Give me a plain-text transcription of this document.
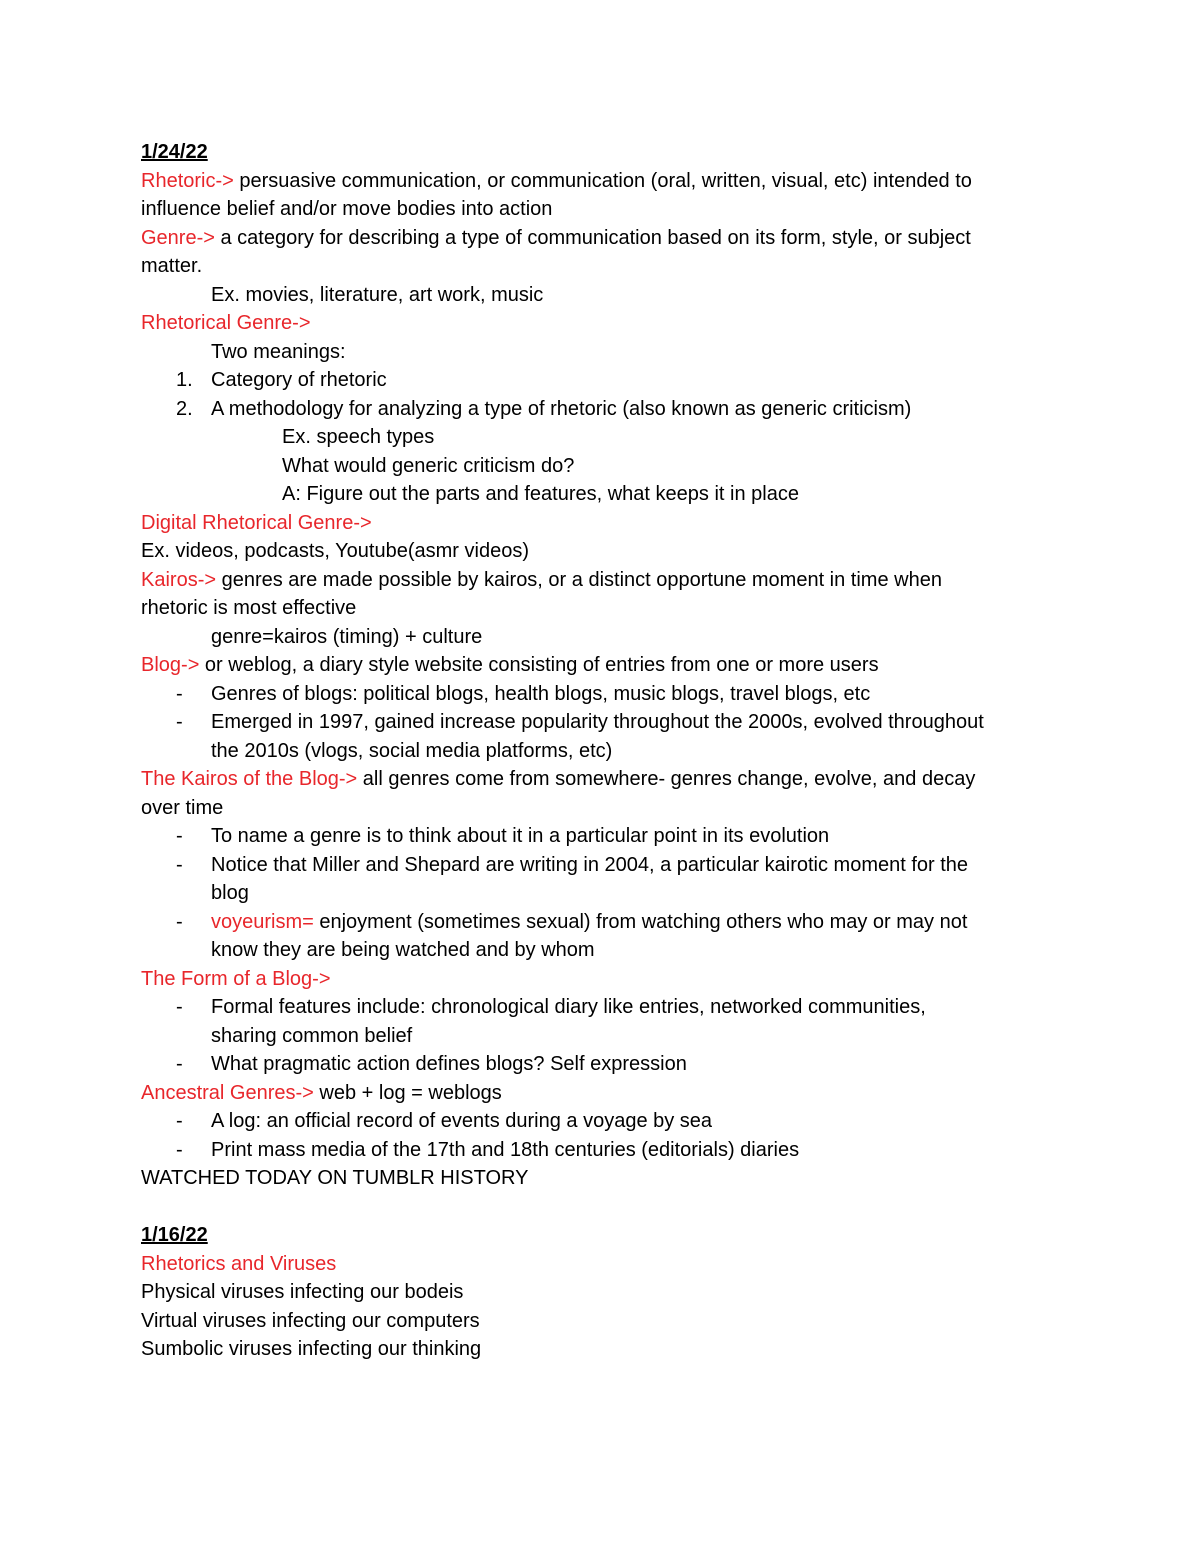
1/24/22

Rhetoric-> persuasive communication, or communication (oral, written, visual, etc) intended to

influence belief and/or move bodies into action

Genre-> a category for describing a type of communication based on its form, style, or subject

matter.

Ex. movies, literature, art work, music

Rhetorical Genre->

Two meanings:

1. Category of rhetoric

2. A methodology for analyzing a type of rhetoric (also known as generic criticism)

Ex. speech types

What would generic criticism do?

A: Figure out the parts and features, what keeps it in place

Digital Rhetorical Genre->

Ex. videos, podcasts, Youtube(asmr videos)

Kairos-> genres are made possible by kairos, or a distinct opportune moment in time when

rhetoric is most effective

genre=kairos (timing) + culture

Blog-> or weblog, a diary style website consisting of entries from one or more users

- Genres of blogs: political blogs, health blogs, music blogs, travel blogs, etc

- Emerged in 1997, gained increase popularity throughout the 2000s, evolved throughout
the 2010s (vlogs, social media platforms, etc)

The Kairos of the Blog-> all genres come from somewhere- genres change, evolve, and decay

over time

- To name a genre is to think about it in a particular point in its evolution

- Notice that Miller and Shepard are writing in 2004, a particular kairotic moment for the
blog

- voyeurism= enjoyment (sometimes sexual) from watching others who may or may not
know they are being watched and by whom

The Form of a Blog->

- Formal features include: chronological diary like entries, networked communities,
sharing common belief

- What pragmatic action defines blogs? Self expression

Ancestral Genres-> web + log = weblogs

- A log: an official record of events during a voyage by sea

- Print mass media of the 17th and 18th centuries (editorials) diaries

WATCHED TODAY ON TUMBLR HISTORY

1/16/22

Rhetorics and Viruses

Physical viruses infecting our bodeis

Virtual viruses infecting our computers

Sumbolic viruses infecting our thinking
